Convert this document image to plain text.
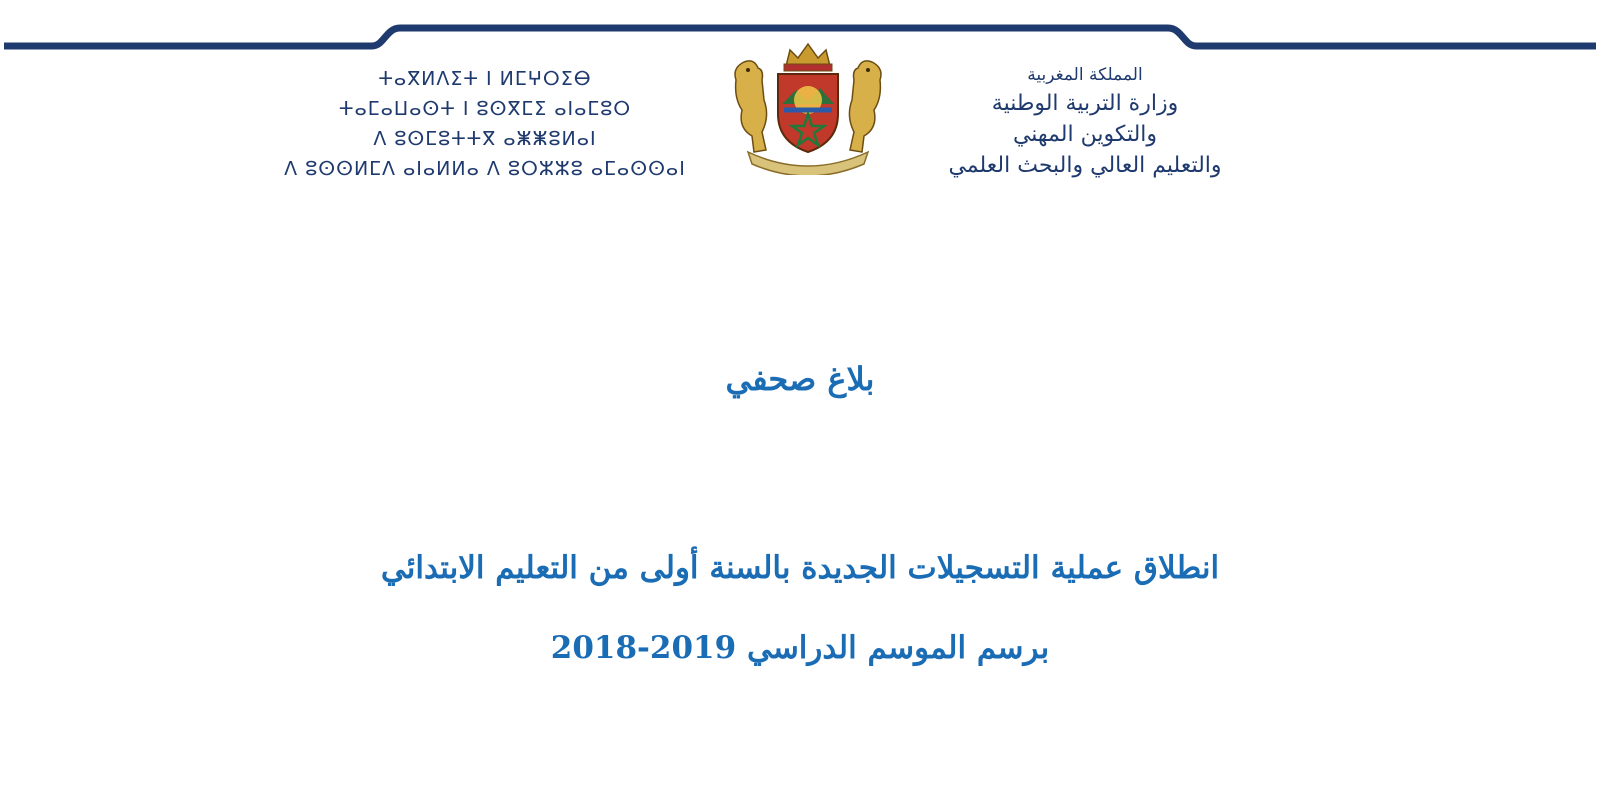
ⵜⴰⴳⵍⴷⵉⵜ ⵏ ⵍⵎⵖⵔⵉⴱ
ⵜⴰⵎⴰⵡⴰⵙⵜ ⵏ ⵓⵙⴳⵎⵉ ⴰⵏⴰⵎⵓⵔ
ⴷ ⵓⵙⵎⵓⵜⵜⴳ ⴰⵥⵥⵓⵍⴰⵏ
ⴷ ⵓⵙⵙⵍⵎⴷ ⴰⵏⴰⵍⵍⴰ ⴷ ⵓⵔⵣⵣⵓ ⴰⵎⴰⵙⵙⴰⵏ
المملكة المغربية
وزارة التربية الوطنية
والتكوين المهني
والتعليم العالي والبحث العلمي
بلاغ صحفي
انطلاق عملية التسجيلات الجديدة بالسنة أولى من التعليم الابتدائي
برسم الموسم الدراسي 2019-2018
